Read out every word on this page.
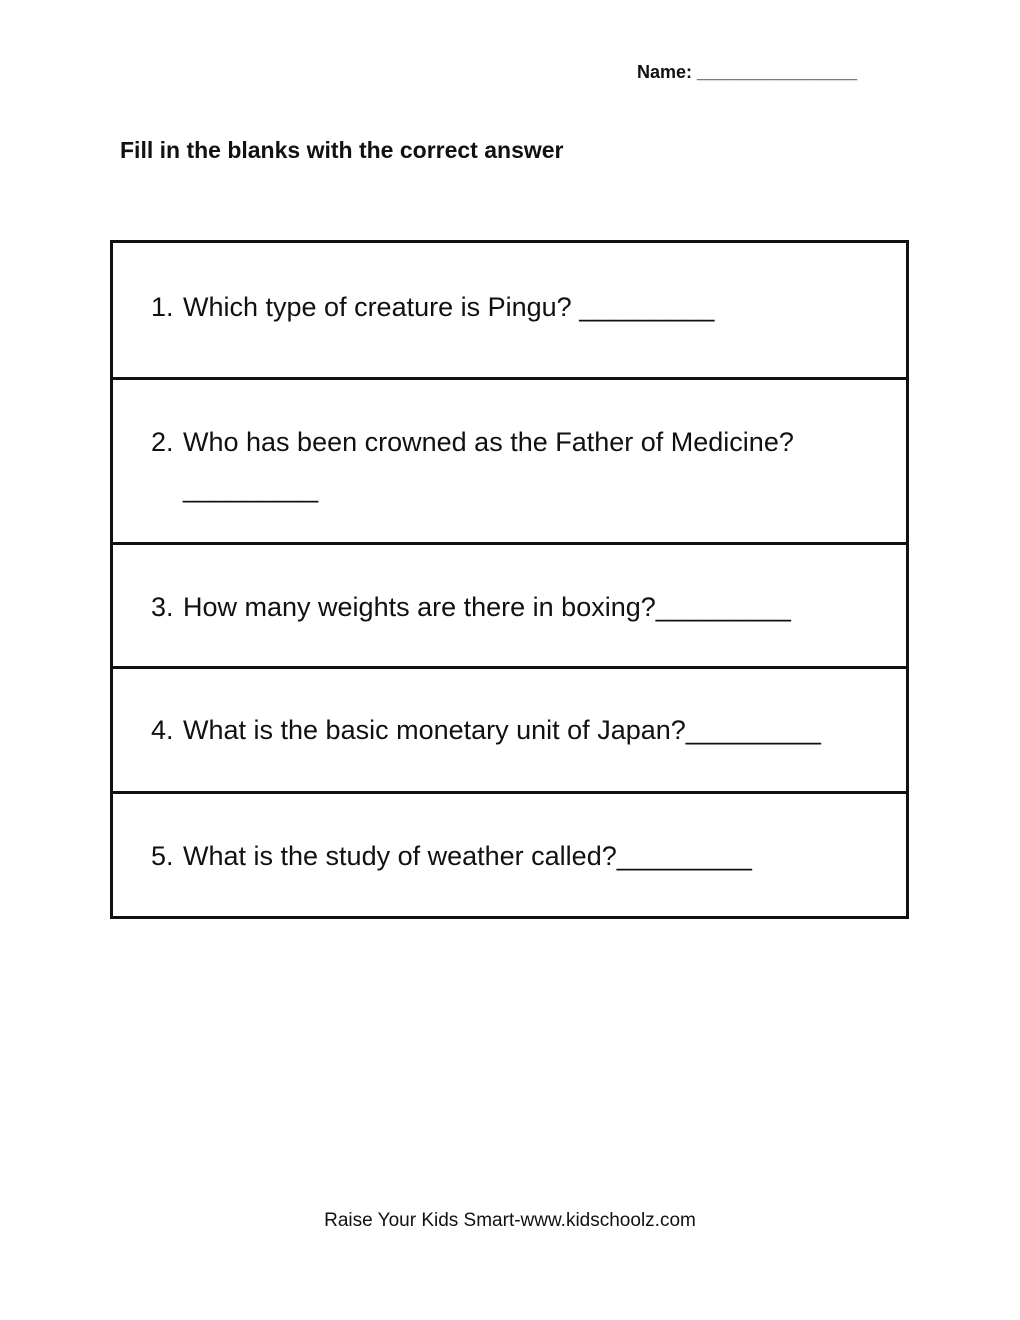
Name: ________________
Fill in the blanks with the correct answer
1. Which type of creature is Pingu? _________

2. Who has been crowned as the Father of Medicine? _________

3. How many weights are there in boxing?_________

4. What is the basic monetary unit of Japan?_________

5. What is the study of weather called?_________
Raise Your Kids Smart-www.kidschoolz.com
